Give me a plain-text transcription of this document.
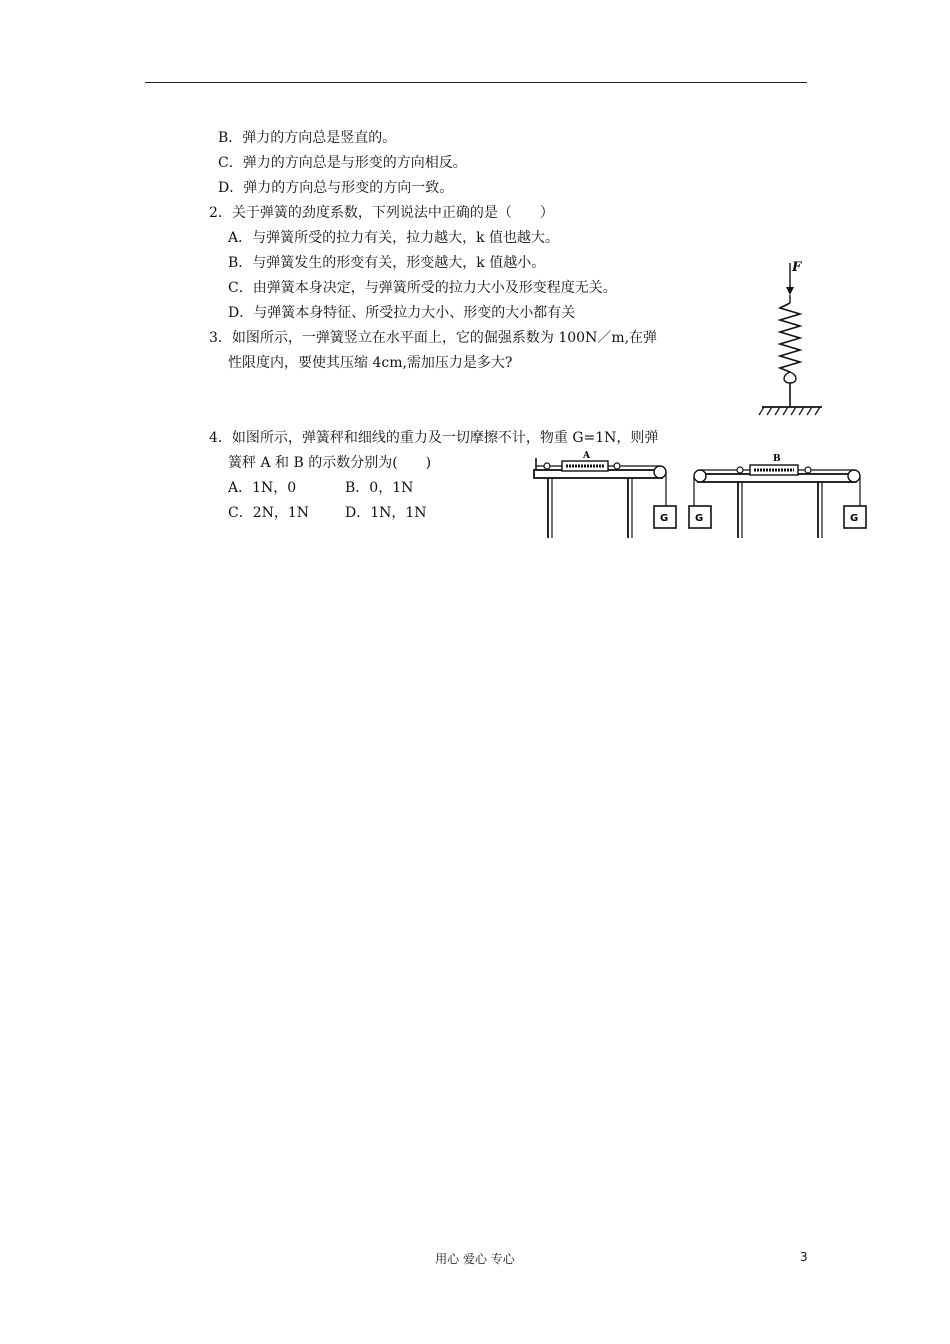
B．弹力的方向总是竖直的。
C．弹力的方向总是与形变的方向相反。
D．弹力的方向总与形变的方向一致。
2．关于弹簧的劲度系数，下列说法中正确的是（　　）
A．与弹簧所受的拉力有关，拉力越大，k 值也越大。
B．与弹簧发生的形变有关，形变越大，k 值越小。
C．由弹簧本身决定，与弹簧所受的拉力大小及形变程度无关。
D．与弹簧本身特征、所受拉力大小、形变的大小都有关
3．如图所示，一弹簧竖立在水平面上，它的倔强系数为 100N／m,在弹
性限度内，要使其压缩 4cm,需加压力是多大?
F
4．如图所示，弹簧秤和细线的重力及一切摩擦不计，物重 G=1N，则弹
簧秤 A 和 B 的示数分别为(　　)
A．1N，0	B．0，1N
C．2N，1N	D．1N，1N
A
G
B
G	G
用心 爱心 专心	3
